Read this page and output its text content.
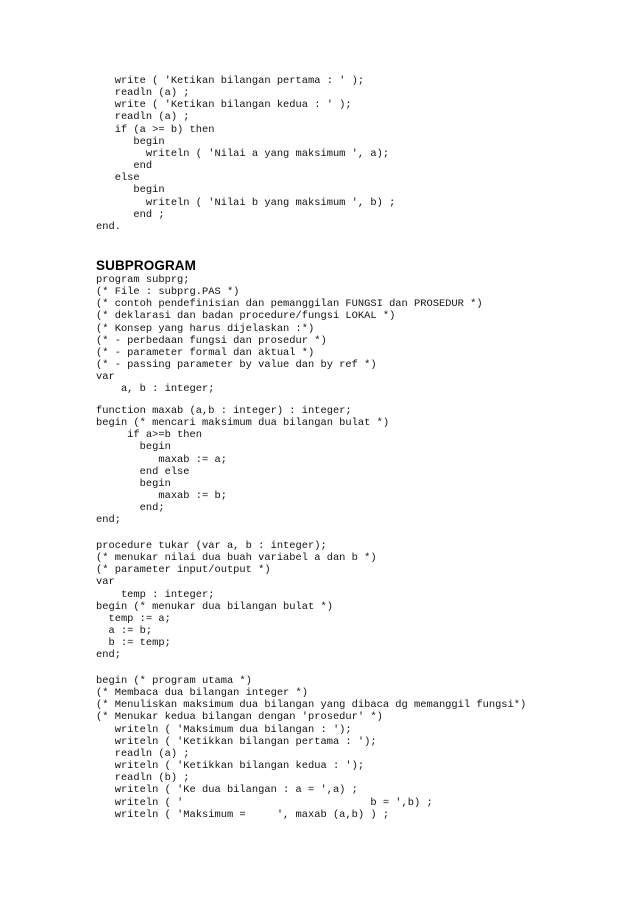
write ( 'Ketikan bilangan pertama : ' );
readln (a) ;
write ( 'Ketikan bilangan kedua : ' );
readln (a) ;
if (a >= b) then
begin
writeln ( 'Nilai a yang maksimum ', a);
end
else
begin
writeln ( 'Nilai b yang maksimum ', b) ;
end ;
end.
SUBPROGRAM
program subprg;
(* File : subprg.PAS *)
(* contoh pendefinisian dan pemanggilan FUNGSI dan PROSEDUR *)
(* deklarasi dan badan procedure/fungsi LOKAL *)
(* Konsep yang harus dijelaskan :*)
(* - perbedaan fungsi dan prosedur *)
(* - parameter formal dan aktual *)
(* - passing parameter by value dan by ref *)
var
a, b : integer;
function maxab (a,b : integer) : integer;
begin (* mencari maksimum dua bilangan bulat *)
if a>=b then
begin
maxab := a;
end else
begin
maxab := b;
end;
end;
procedure tukar (var a, b : integer);
(* menukar nilai dua buah variabel a dan b *)
(* parameter input/output *)
var
temp : integer;
begin (* menukar dua bilangan bulat *)
temp := a;
a := b;
b := temp;
end;
begin (* program utama *)
(* Membaca dua bilangan integer *)
(* Menuliskan maksimum dua bilangan yang dibaca dg memanggil fungsi*)
(* Menukar kedua bilangan dengan 'prosedur' *)
writeln ( 'Maksimum dua bilangan : ');
writeln ( 'Ketikkan bilangan pertama : ');
readln (a) ;
writeln ( 'Ketikkan bilangan kedua : ');
readln (b) ;
writeln ( 'Ke dua bilangan : a = ',a) ;
writeln ( '                              b = ',b) ;
writeln ( 'Maksimum =     ', maxab (a,b) ) ;
